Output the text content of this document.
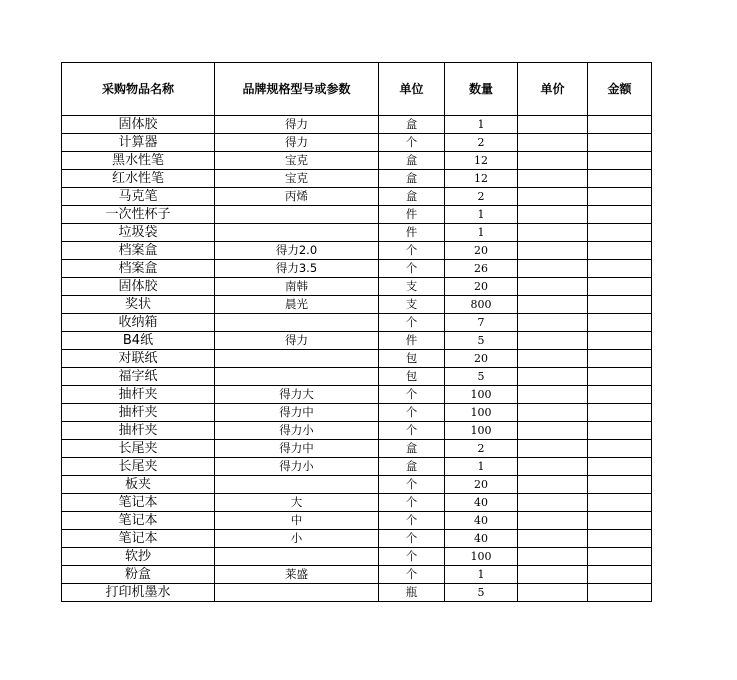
采购物品名称	品牌规格型号或参数	单位	数量	单价	金额
固体胶	得力	盒	1		
计算器	得力	个	2		
黑水性笔	宝克	盒	12		
红水性笔	宝克	盒	12		
马克笔	丙烯	盒	2		
一次性杯子		件	1		
垃圾袋		件	1		
档案盒	得力2.0	个	20		
档案盒	得力3.5	个	26		
固体胶	南韩	支	20		
奖状	晨光	支	800		
收纳箱		个	7		
B4纸	得力	件	5		
对联纸		包	20		
福字纸		包	5		
抽杆夹	得力大	个	100		
抽杆夹	得力中	个	100		
抽杆夹	得力小	个	100		
长尾夹	得力中	盒	2		
长尾夹	得力小	盒	1		
板夹		个	20		
笔记本	大	个	40		
笔记本	中	个	40		
笔记本	小	个	40		
软抄		个	100		
粉盒	莱盛	个	1		
打印机墨水		瓶	5		
